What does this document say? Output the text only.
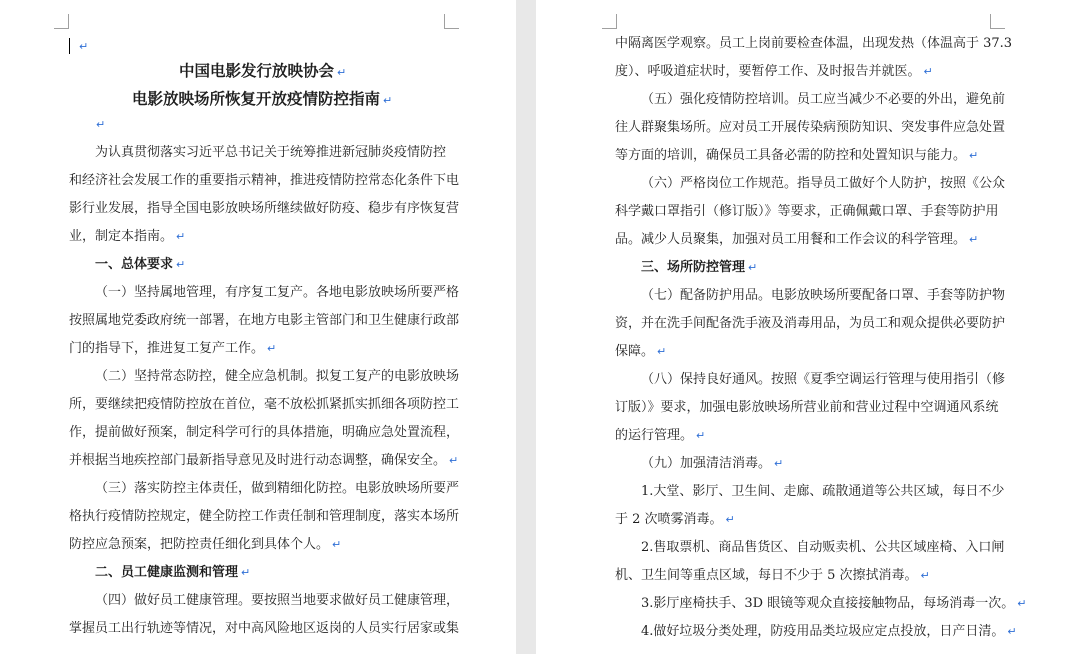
↵
中国电影发行放映协会 ↵
电影放映场所恢复开放疫情防控指南 ↵
↵
为认真贯彻落实习近平总书记关于统筹推进新冠肺炎疫情防控
和经济社会发展工作的重要指示精神，推进疫情防控常态化条件下电
影行业发展，指导全国电影放映场所继续做好防疫、稳步有序恢复营
业，制定本指南。 ↵
一、总体要求 ↵
（一）坚持属地管理，有序复工复产。各地电影放映场所要严格
按照属地党委政府统一部署，在地方电影主管部门和卫生健康行政部
门的指导下，推进复工复产工作。 ↵
（二）坚持常态防控，健全应急机制。拟复工复产的电影放映场
所，要继续把疫情防控放在首位，毫不放松抓紧抓实抓细各项防控工
作，提前做好预案，制定科学可行的具体措施，明确应急处置流程，
并根据当地疾控部门最新指导意见及时进行动态调整，确保安全。 ↵
（三）落实防控主体责任，做到精细化防控。电影放映场所要严
格执行疫情防控规定，健全防控工作责任制和管理制度，落实本场所
防控应急预案，把防控责任细化到具体个人。 ↵
二、员工健康监测和管理 ↵
（四）做好员工健康管理。要按照当地要求做好员工健康管理，
掌握员工出行轨迹等情况，对中高风险地区返岗的人员实行居家或集
中隔离医学观察。员工上岗前要检查体温，出现发热（体温高于 37.3
度）、呼吸道症状时，要暂停工作、及时报告并就医。 ↵
（五）强化疫情防控培训。员工应当减少不必要的外出，避免前
往人群聚集场所。应对员工开展传染病预防知识、突发事件应急处置
等方面的培训，确保员工具备必需的防控和处置知识与能力。 ↵
（六）严格岗位工作规范。指导员工做好个人防护，按照《公众
科学戴口罩指引（修订版）》等要求，正确佩戴口罩、手套等防护用
品。减少人员聚集，加强对员工用餐和工作会议的科学管理。 ↵
三、场所防控管理 ↵
（七）配备防护用品。电影放映场所要配备口罩、手套等防护物
资，并在洗手间配备洗手液及消毒用品，为员工和观众提供必要防护
保障。 ↵
（八）保持良好通风。按照《夏季空调运行管理与使用指引（修
订版）》要求，加强电影放映场所营业前和营业过程中空调通风系统
的运行管理。 ↵
（九）加强清洁消毒。 ↵
1.大堂、影厅、卫生间、走廊、疏散通道等公共区域，每日不少
于 2 次喷雾消毒。 ↵
2.售取票机、商品售货区、自动贩卖机、公共区域座椅、入口闸
机、卫生间等重点区域，每日不少于 5 次擦拭消毒。 ↵
3.影厅座椅扶手、3D 眼镜等观众直接接触物品，每场消毒一次。 ↵
4.做好垃圾分类处理，防疫用品类垃圾应定点投放，日产日清。 ↵
